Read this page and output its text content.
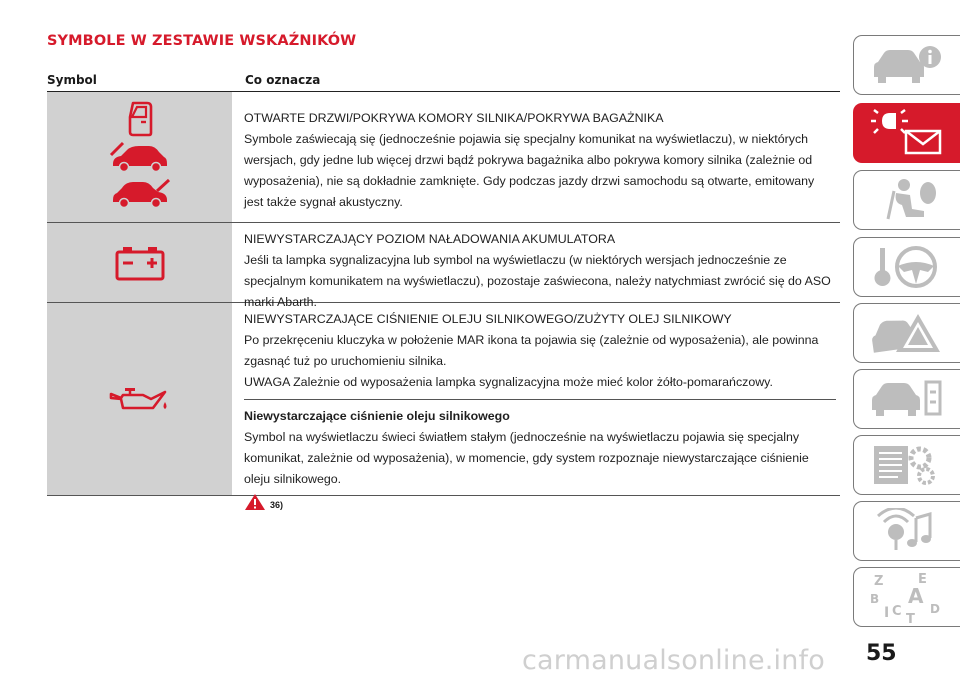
SYMBOLE W ZESTAWIE WSKAŹNIKÓW
Symbol	Co oznacza

OTWARTE DRZWI/POKRYWA KOMORY SILNIKA/POKRYWA BAGAŻNIKA

Symbole zaświecają się (jednocześnie pojawia się specjalny komunikat na wyświetlaczu), w niektórych wersjach, gdy jedne lub więcej drzwi bądź pokrywa bagażnika albo pokrywa komory silnika (zależnie od wyposażenia), nie są dokładnie zamknięte. Gdy podczas jazdy drzwi samochodu są otwarte, emitowany jest także sygnał akustyczny.

NIEWYSTARCZAJĄCY POZIOM NAŁADOWANIA AKUMULATORA

Jeśli ta lampka sygnalizacyjna lub symbol na wyświetlaczu (w niektórych wersjach jednocześnie ze specjalnym komunikatem na wyświetlaczu), pozostaje zaświecona, należy natychmiast zwrócić się do ASO marki Abarth.

NIEWYSTARCZAJĄCE CIŚNIENIE OLEJU SILNIKOWEGO/ZUŻYTY OLEJ SILNIKOWY

Po przekręceniu kluczyka w położenie MAR ikona ta pojawia się (zależnie od wyposażenia), ale powinna zgasnąć tuż po uruchomieniu silnika.

UWAGA Zależnie od wyposażenia lampka sygnalizacyjna może mieć kolor żółto-pomarańczowy.

Niewystarczające ciśnienie oleju silnikowego

Symbol na wyświetlaczu świeci światłem stałym (jednocześnie na wyświetlaczu pojawia się specjalny komunikat, zależnie od wyposażenia), w momencie, gdy system rozpoznaje niewystarczające ciśnienie oleju silnikowego.

36)
Z	E
A
B
C D
I T
carmanualsonline.info 55
